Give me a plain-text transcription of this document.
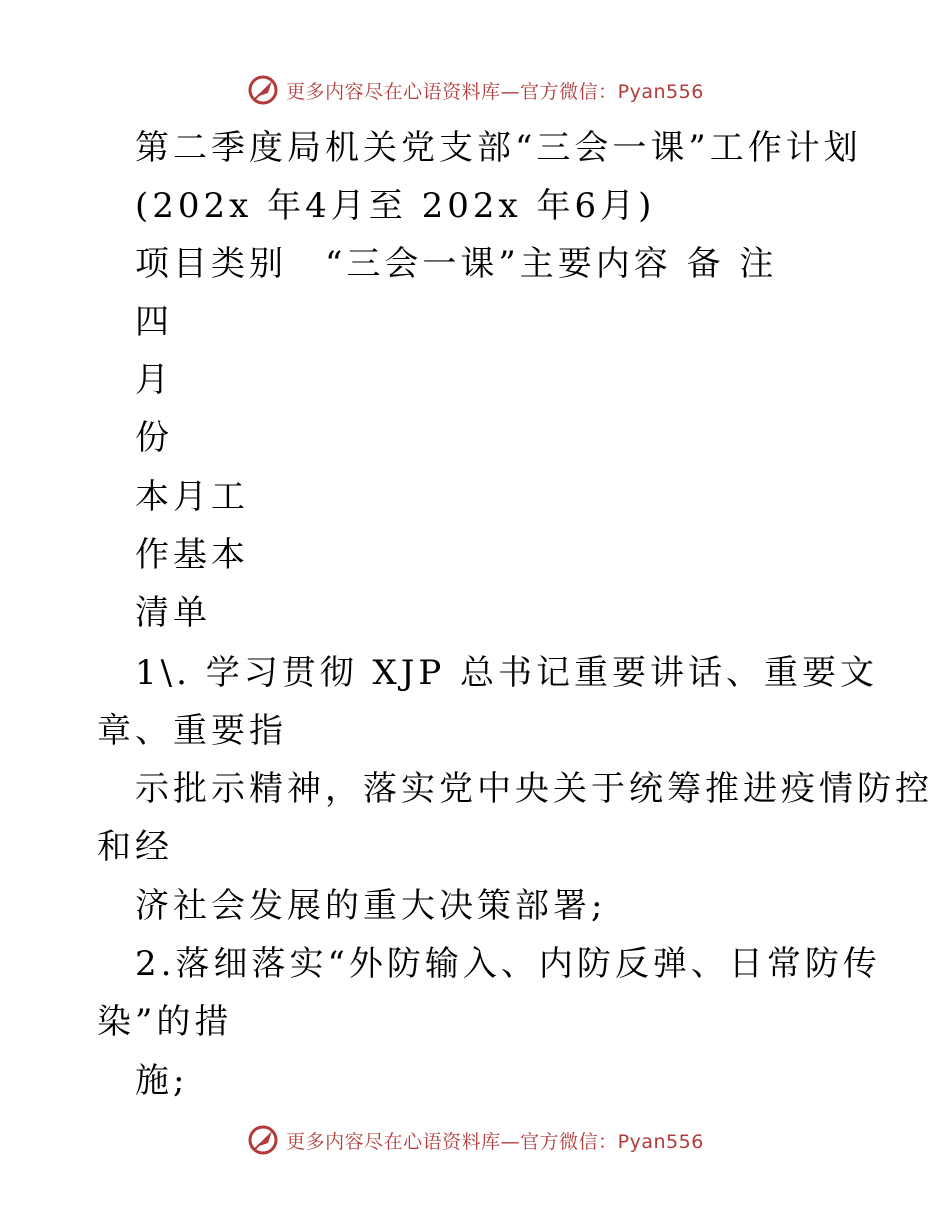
更多内容尽在心语资料库—官方微信：Pyan556
第二季度局机关党支部“三会一课”工作计划
(202x 年4月至 202x 年6月)
项目类别　“三会一课”主要内容 备 注
四
月
份
本月工
作基本
清单
1\. 学习贯彻 XJP 总书记重要讲话、重要文
章、重要指
示批示精神，落实党中央关于统筹推进疫情防控
和经
济社会发展的重大决策部署;
2.落细落实“外防输入、内防反弹、日常防传
染”的措
施;
更多内容尽在心语资料库—官方微信：Pyan556
